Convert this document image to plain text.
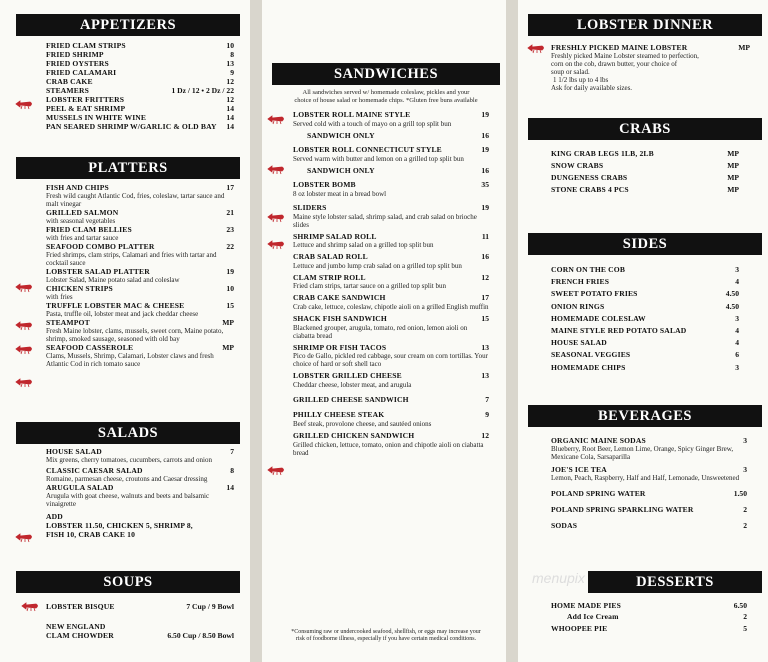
APPETIZERS
FRIED CLAM STRIPS	10
FRIED SHRIMP	8
FRIED OYSTERS	13
FRIED CALAMARI	9
CRAB CAKE	12
STEAMERS	1 Dz / 12 • 2 Dz / 22
LOBSTER FRITTERS	12
PEEL & EAT SHRIMP	14
MUSSELS IN WHITE WINE	14
PAN SEARED SHRIMP W/GARLIC & OLD BAY 14
PLATTERS
FISH AND CHIPS	17
Fresh wild caught Atlantic Cod, fries, coleslaw, tartar sauce and malt vinegar
GRILLED SALMON	21
with seasonal vegetables
FRIED CLAM BELLIES	23
with fries and tartar sauce
SEAFOOD COMBO PLATTER	22
Fried shrimps, clam strips, Calamari and fries with tartar and cocktail sauce
LOBSTER SALAD PLATTER	19
Lobster Salad, Maine potato salad and coleslaw
CHICKEN STRIPS	10
with fries
TRUFFLE LOBSTER MAC & CHEESE	15
Pasta, truffle oil, lobster meat and jack cheddar cheese
STEAMPOT	MP
Fresh Maine lobster, clams, mussels, sweet corn, Maine potato, shrimp, smoked sausage, seasoned with old bay
SEAFOOD CASSEROLE	MP
Clams, Mussels, Shrimp, Calamari, Lobster claws and fresh Atlantic Cod in rich tomato sauce
SALADS
HOUSE SALAD	7
Mix greens, cherry tomatoes, cucumbers, carrots and onion
CLASSIC CAESAR SALAD	8
Romaine, parmesan cheese, croutons and Caesar dressing
ARUGULA SALAD	14
Arugula with goat cheese, walnuts and beets and balsamic vinaigrette
ADD
LOBSTER 11.50, CHICKEN 5, SHRIMP 8,
FISH 10, CRAB CAKE 10
SOUPS
LOBSTER BISQUE	7 Cup / 9 Bowl
NEW ENGLAND
CLAM CHOWDER	6.50 Cup / 8.50 Bowl
SANDWICHES
All sandwiches served w/ homemade coleslaw, pickles and your
choice of house salad or homemade chips. *Gluten free buns available
LOBSTER ROLL MAINE STYLE	19
Served cold with a touch of mayo on a grill top split bun
SANDWICH ONLY	16
LOBSTER ROLL CONNECTICUT STYLE	19
Served warm with butter and lemon on a grilled top split bun
SANDWICH ONLY	16
LOBSTER BOMB	35
8 oz lobster meat in a bread bowl
SLIDERS	19
Maine style lobster salad, shrimp salad, and crab salad on brioche slides
SHRIMP SALAD ROLL	11
Lettuce and shrimp salad on a grilled top split bun
CRAB SALAD ROLL	16
Lettuce and jumbo lump crab salad on a grilled top split bun
CLAM STRIP ROLL	12
Fried clam strips, tartar sauce on a grilled top split bun
CRAB CAKE SANDWICH	17
Crab cake, lettuce, coleslaw, chipotle aioli on a grilled English muffin
SHACK FISH SANDWICH	15
Blackened grouper, arugula, tomato, red onion, lemon aioli on ciabatta bread
SHRIMP OR FISH TACOS	13
Pico de Gallo, pickled red cabbage, sour cream on corn tortillas. Your choice of hard or soft shell taco
LOBSTER GRILLED CHEESE	13
Cheddar cheese, lobster meat, and arugula
GRILLED CHEESE SANDWICH	7
PHILLY CHEESE STEAK	9
Beef steak, provolone cheese, and sautéed onions
GRILLED CHICKEN SANDWICH	12
Grilled chicken, lettuce, tomato, onion and chipotle aioli on ciabatta bread
*Consuming raw or undercooked seafood, shellfish, or eggs may increase your
risk of foodborne illness, especially if you have certain medical conditions.
LOBSTER DINNER
FRESHLY PICKED MAINE LOBSTER	MP
Freshly picked Maine Lobster steamed to perfection,
corn on the cob, drawn butter, your choice of
soup or salad.
1 1/2 lbs up to 4 lbs
Ask for daily available sizes.
CRABS
KING CRAB LEGS 1LB, 2LB	MP
SNOW CRABS	MP
DUNGENESS CRABS	MP
STONE CRABS 4 PCS	MP
SIDES
CORN ON THE COB	3
FRENCH FRIES	4
SWEET POTATO FRIES	4.50
ONION RINGS	4.50
HOMEMADE COLESLAW	3
MAINE STYLE RED POTATO SALAD	4
HOUSE SALAD	4
SEASONAL VEGGIES	6
HOMEMADE CHIPS	3
BEVERAGES
ORGANIC MAINE SODAS	3
Blueberry, Root Beer, Lemon Lime, Orange, Spicy Ginger Brew, Mexicane Cola, Sarsaparilla
JOE'S ICE TEA	3
Lemon, Peach, Raspberry, Half and Half, Lemonade, Unsweetened
POLAND SPRING WATER	1.50
POLAND SPRING SPARKLING WATER	2
SODAS	2
menupix	DESSERTS
HOME MADE PIES	6.50
Add Ice Cream	2
WHOOPEE PIE	5
